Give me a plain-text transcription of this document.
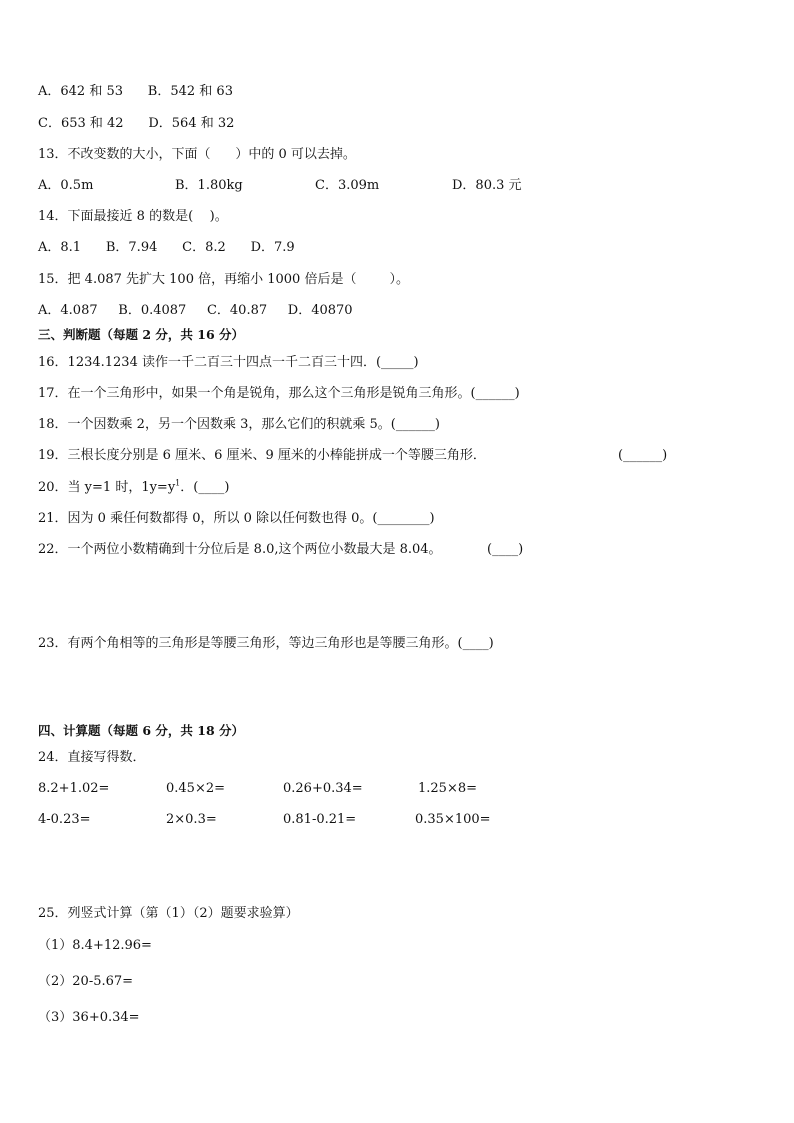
A．642 和 53      B．542 和 63
C．653 和 42      D．564 和 32
13．不改变数的大小，下面（      ）中的 0 可以去掉。
A．0.5m	B．1.80kg	C．3.09m	D．80.3 元
14．下面最接近 8 的数是(    )。
A．8.1      B．7.94      C．8.2      D．7.9
15．把 4.087 先扩大 100 倍，再缩小 1000 倍后是（        ）。
A．4.087     B．0.4087     C．40.87     D．40870
三、判断题（每题 2 分，共 16 分）
16．1234.1234 读作一千二百三十四点一千二百三十四．(_____)
17．在一个三角形中，如果一个角是锐角，那么这个三角形是锐角三角形。(______)
18．一个因数乘 2，另一个因数乘 3，那么它们的积就乘 5。(______)
19．三根长度分别是 6 厘米、6 厘米、9 厘米的小棒能拼成一个等腰三角形．	(______)
20．当 y=1 时，$1y=y^1$．(____)
21．因为 0 乘任何数都得 0，所以 0 除以任何数也得 0。(________)
22．一个两位小数精确到十分位后是 8.0,这个两位小数最大是 8.04。	(____)
23．有两个角相等的三角形是等腰三角形，等边三角形也是等腰三角形。(____)
四、计算题（每题 6 分，共 18 分）
24．直接写得数．
8.2+1.02=	0.45×2=	0.26+0.34=	1.25×8=
4-0.23=	2×0.3=	0.81-0.21=	0.35×100=
25．列竖式计算（第（1）（2）题要求验算）
（1）8.4+12.96=
（2）20-5.67=
（3）36+0.34=
